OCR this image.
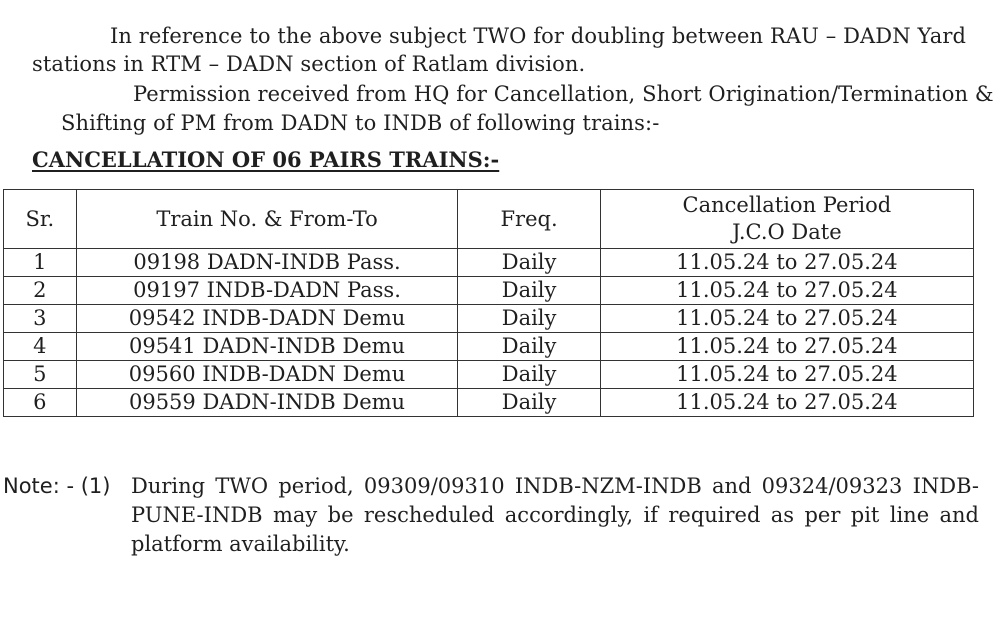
In reference to the above subject TWO for doubling between RAU – DADN Yard
stations in RTM – DADN section of Ratlam division.
Permission received from HQ for Cancellation, Short Origination/Termination &
Shifting of PM from DADN to INDB of following trains:-
CANCELLATION OF 06 PAIRS TRAINS:-
Sr.	Train No. & From-To	Freq.	Cancellation Period
J.C.O Date

1	09198 DADN-INDB Pass.	Daily	11.05.24 to 27.05.24
2	09197 INDB-DADN Pass.	Daily	11.05.24 to 27.05.24
3	09542 INDB-DADN Demu	Daily	11.05.24 to 27.05.24
4	09541 DADN-INDB Demu	Daily	11.05.24 to 27.05.24
5	09560 INDB-DADN Demu	Daily	11.05.24 to 27.05.24
6	09559 DADN-INDB Demu	Daily	11.05.24 to 27.05.24
Note: - (1) During TWO period, 09309/09310 INDB-NZM-INDB and 09324/09323 INDB-PUNE-INDB may be rescheduled accordingly, if required as per pit line and platform availability.
